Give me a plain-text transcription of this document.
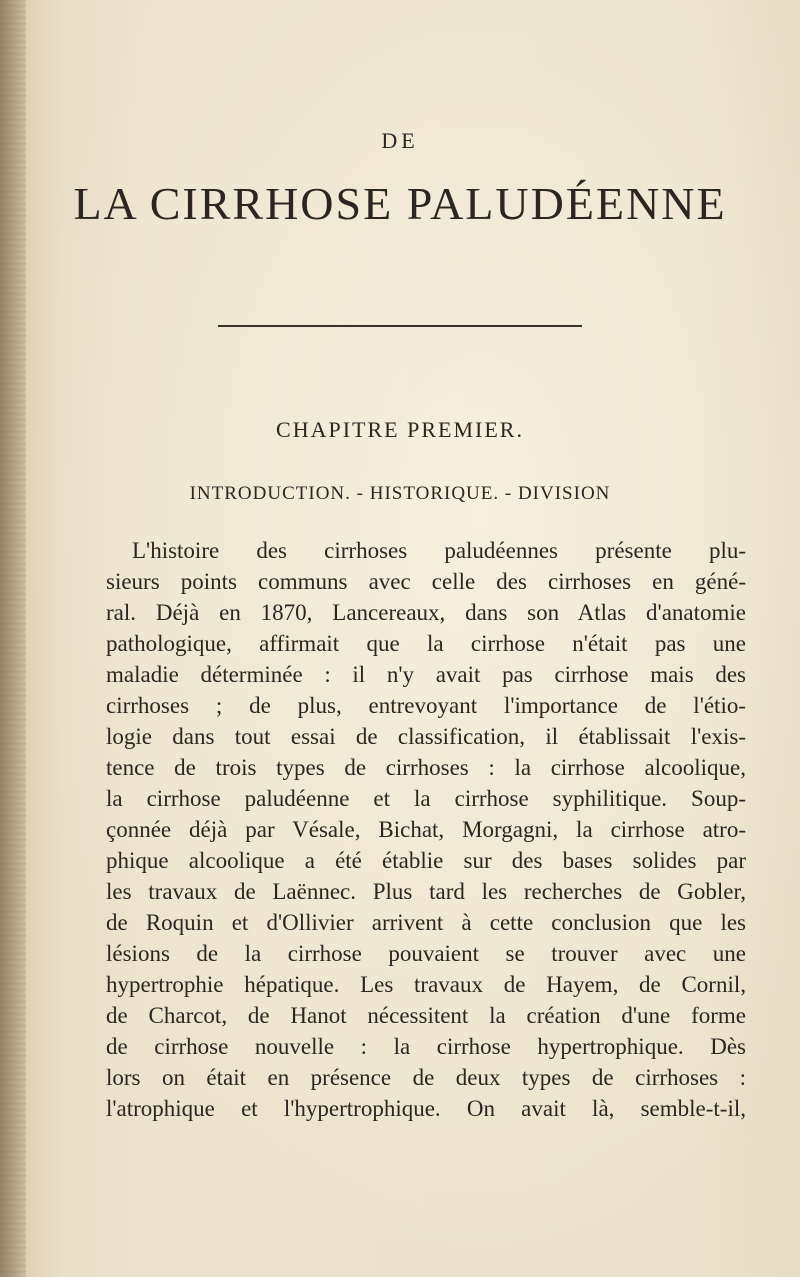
DE
LA CIRRHOSE PALUDÉENNE
CHAPITRE PREMIER.
INTRODUCTION. - HISTORIQUE. - DIVISION
L'histoire des cirrhoses paludéennes présente plu-
sieurs points communs avec celle des cirrhoses en géné-
ral. Déjà en 1870, Lancereaux, dans son Atlas d'anatomie
pathologique, affirmait que la cirrhose n'était pas une
maladie déterminée : il n'y avait pas cirrhose mais des
cirrhoses ; de plus, entrevoyant l'importance de l'étio-
logie dans tout essai de classification, il établissait l'exis-
tence de trois types de cirrhoses : la cirrhose alcoolique,
la cirrhose paludéenne et la cirrhose syphilitique. Soup-
çonnée déjà par Vésale, Bichat, Morgagni, la cirrhose atro-
phique alcoolique a été établie sur des bases solides par
les travaux de Laënnec. Plus tard les recherches de Gobler,
de Roquin et d'Ollivier arrivent à cette conclusion que les
lésions de la cirrhose pouvaient se trouver avec une
hypertrophie hépatique. Les travaux de Hayem, de Cornil,
de Charcot, de Hanot nécessitent la création d'une forme
de cirrhose nouvelle : la cirrhose hypertrophique. Dès
lors on était en présence de deux types de cirrhoses :
l'atrophique et l'hypertrophique. On avait là, semble-t-il,
